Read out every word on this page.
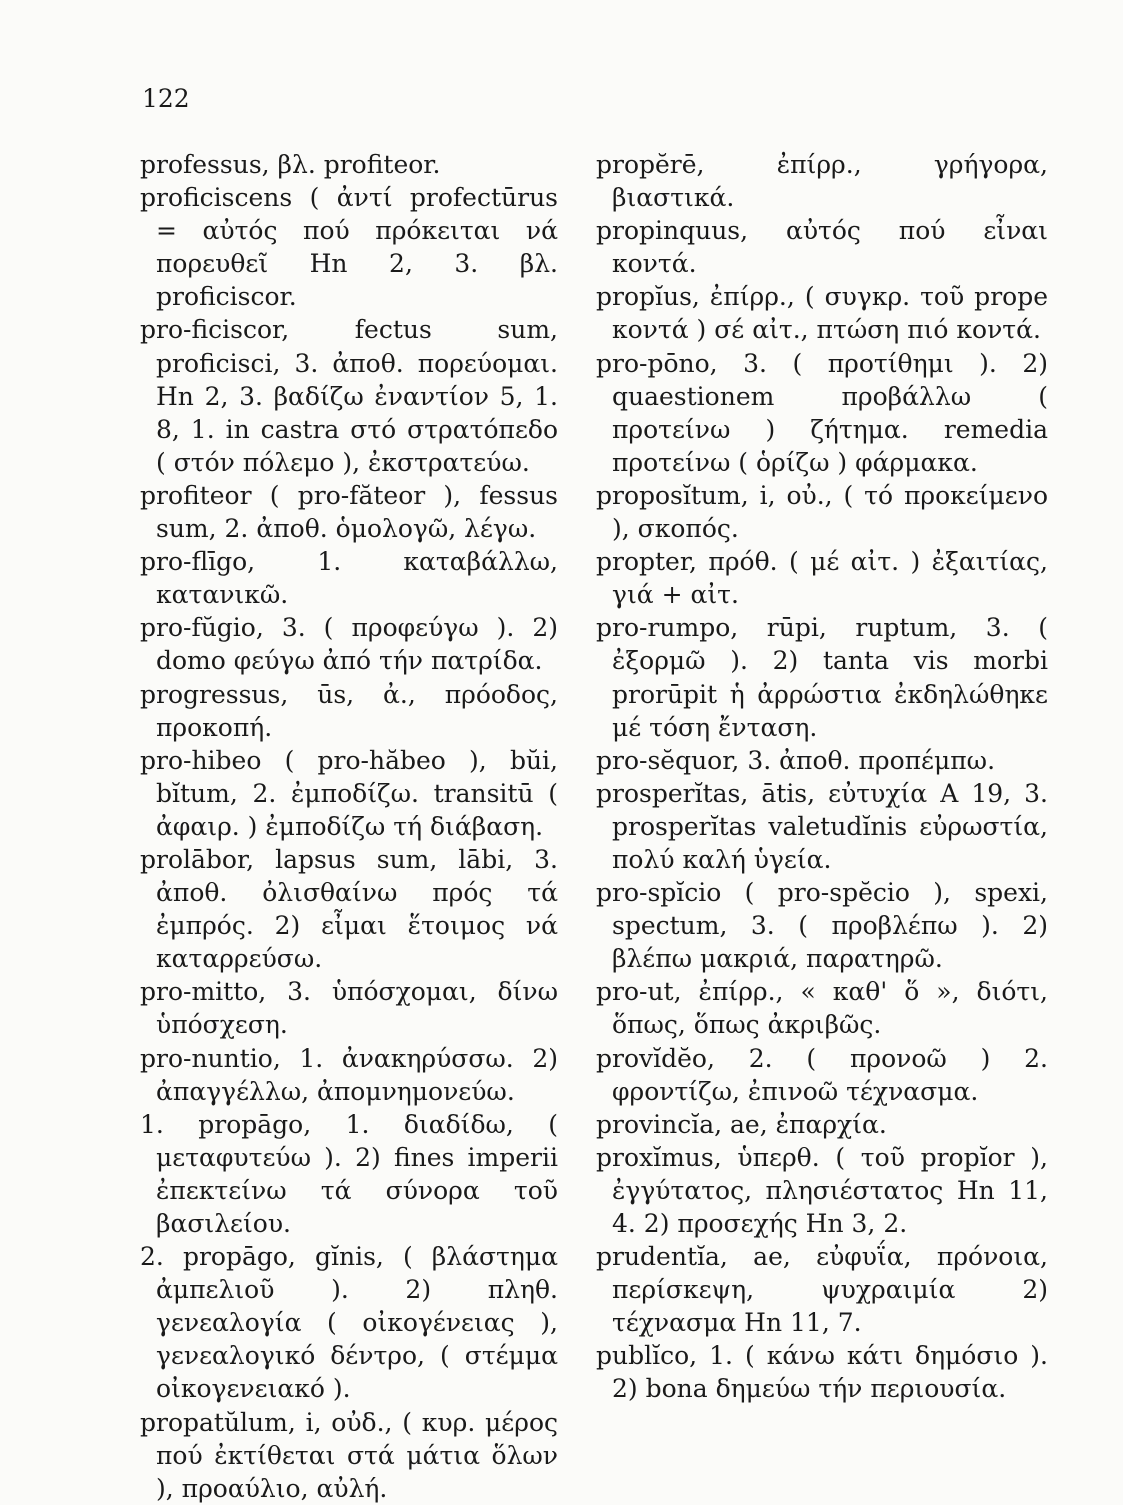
122

professus, βλ. profiteor.

proficiscens ( ἀντί profectūrus = αὐτός πού πρόκειται νά πορευθεῖ Hn 2, 3. βλ. proficiscor.

pro-ficiscor, fectus sum, proficisci, 3. ἀποθ. πορεύομαι. Hn 2, 3. βαδίζω ἐναντίον 5, 1. 8, 1. in castra στό στρατόπεδο ( στόν πόλεμο ), ἐκστρατεύω.

profiteor ( pro-făteor ), fessus sum, 2. ἀποθ. ὁμολογῶ, λέγω.

pro-flīgo, 1. καταβάλλω, κατανικῶ.

pro-fŭgio, 3. ( προφεύγω ). 2) domo φεύγω ἀπό τήν πατρίδα.

progressus, ūs, ἀ., πρόοδος, προκοπή.

pro-hibeo ( pro-hăbeo ), bŭi, bĭtum, 2. ἐμποδίζω. transitū ( ἀφαιρ. ) ἐμποδίζω τή διάβαση.

prolābor, lapsus sum, lābi, 3. ἀποθ. ὀλισθαίνω πρός τά ἐμπρός. 2) εἶμαι ἕτοιμος νά καταρρεύσω.

pro-mitto, 3. ὑπόσχομαι, δίνω ὑπόσχεση.

pro-nuntio, 1. ἀνακηρύσσω. 2) ἀπαγγέλλω, ἀπομνημονεύω.

1. propāgo, 1. διαδίδω, ( μεταφυτεύω ). 2) fines imperii ἐπεκτείνω τά σύνορα τοῦ βασιλείου.

2. propāgo, gĭnis, ( βλάστημα ἀμπελιοῦ ). 2) πληθ. γενεαλογία ( οἰκογένειας ), γενεαλογικό δέντρο, ( στέμμα οἰκογενειακό ).

propatŭlum, i, οὐδ., ( κυρ. μέρος πού ἐκτίθεται στά μάτια ὅλων ), προαύλιο, αὐλή.

propĕrē, ἐπίρρ., γρήγορα, βιαστικά.

propinquus, αὐτός πού εἶναι κοντά.

propĭus, ἐπίρρ., ( συγκρ. τοῦ prope κοντά ) σέ αἰτ., πτώση πιό κοντά.

pro-pōno, 3. ( προτίθημι ). 2) quaestionem προβάλλω ( προτείνω ) ζήτημα. remedia προτείνω ( ὁρίζω ) φάρμακα.

proposĭtum, i, οὐ., ( τό προκείμενο ), σκοπός.

propter, πρόθ. ( μέ αἰτ. ) ἐξαιτίας, γιά + αἰτ.

pro-rumpo, rūpi, ruptum, 3. ( ἐξορμῶ ). 2) tanta vis morbi prorūpit ἡ ἀρρώστια ἐκδηλώθηκε μέ τόση ἔνταση.

pro-sĕquor, 3. ἀποθ. προπέμπω.

prosperĭtas, ātis, εὐτυχία A 19, 3. prosperĭtas valetudĭnis εὐρωστία, πολύ καλή ὑγεία.

pro-spĭcio ( pro-spĕcio ), spexi, spectum, 3. ( προβλέπω ). 2) βλέπω μακριά, παρατηρῶ.

pro-ut, ἐπίρρ., « καθ' ὅ », διότι, ὅπως, ὅπως ἀκριβῶς.

provĭdĕo, 2. ( προνοῶ ) 2. φροντίζω, ἐπινοῶ τέχνασμα.

provincĭa, ae, ἐπαρχία.

proxĭmus, ὑπερθ. ( τοῦ propĭor ), ἐγγύτατος, πλησιέστατος Hn 11, 4. 2) προσεχής Hn 3, 2.

prudentĭa, ae, εὐφυΐα, πρόνοια, περίσκεψη, ψυχραιμία 2) τέχνασμα Hn 11, 7.

publĭco, 1. ( κάνω κάτι δημόσιο ). 2) bona δημεύω τήν περιουσία.
